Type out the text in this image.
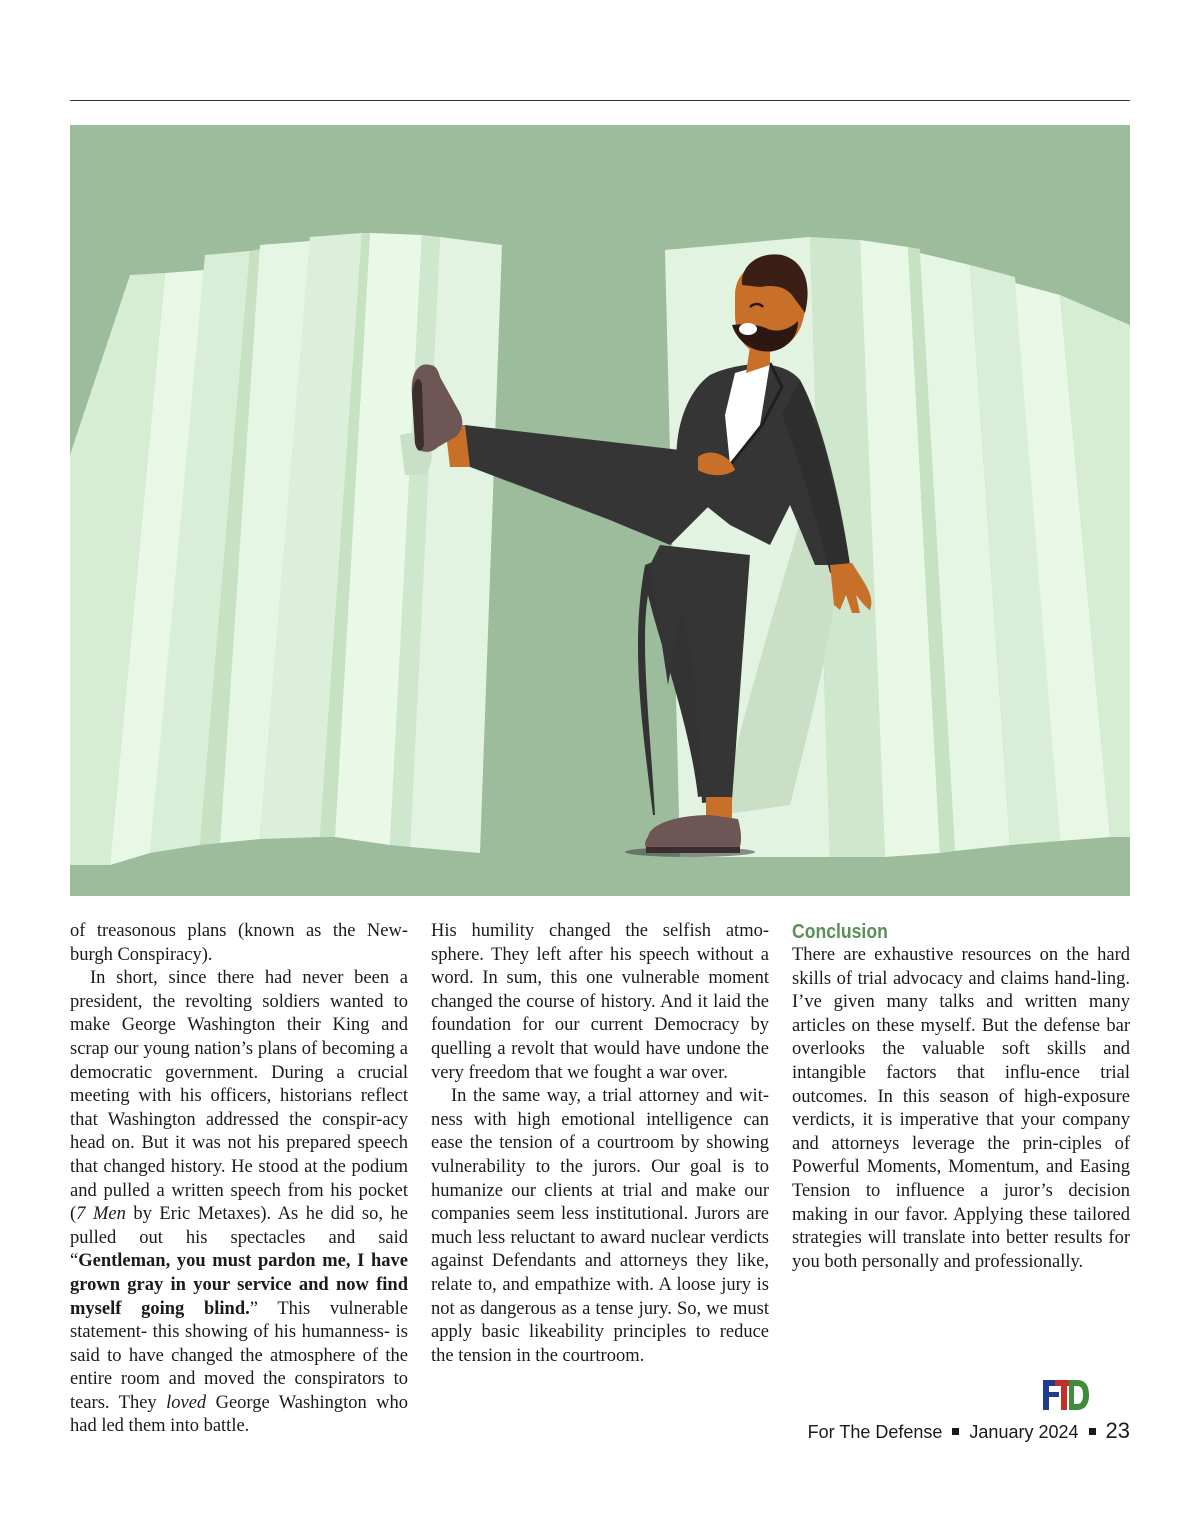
of treasonous plans (known as the New-burgh Conspiracy).

In short, since there had never been a president, the revolting soldiers wanted to make George Washington their King and scrap our young nation’s plans of becoming a democratic government. During a crucial meeting with his officers, historians reflect that Washington addressed the conspir-acy head on. But it was not his prepared speech that changed history. He stood at the podium and pulled a written speech from his pocket (7 Men by Eric Metaxes). As he did so, he pulled out his spectacles and said “Gentleman, you must pardon me, I have grown gray in your service and now find myself going blind.” This vulnerable statement- this showing of his humanness- is said to have changed the atmosphere of the entire room and moved the conspirators to tears. They loved George Washington who had led them into battle.

His humility changed the selfish atmo-sphere. They left after his speech without a word. In sum, this one vulnerable moment changed the course of history. And it laid the foundation for our current Democracy by quelling a revolt that would have undone the very freedom that we fought a war over.

In the same way, a trial attorney and wit-ness with high emotional intelligence can ease the tension of a courtroom by showing vulnerability to the jurors. Our goal is to humanize our clients at trial and make our companies seem less institutional. Jurors are much less reluctant to award nuclear verdicts against Defendants and attorneys they like, relate to, and empathize with. A loose jury is not as dangerous as a tense jury. So, we must apply basic likeability principles to reduce the tension in the courtroom.

Conclusion

There are exhaustive resources on the hard skills of trial advocacy and claims hand-ling. I’ve given many talks and written many articles on these myself. But the defense bar overlooks the valuable soft skills and intangible factors that influ-ence trial outcomes. In this season of high-exposure verdicts, it is imperative that your company and attorneys leverage the prin-ciples of Powerful Moments, Momentum, and Easing Tension to influence a juror’s decision making in our favor. Applying these tailored strategies will translate into better results for you both personally and professionally.

For The Defense January 2024 23
